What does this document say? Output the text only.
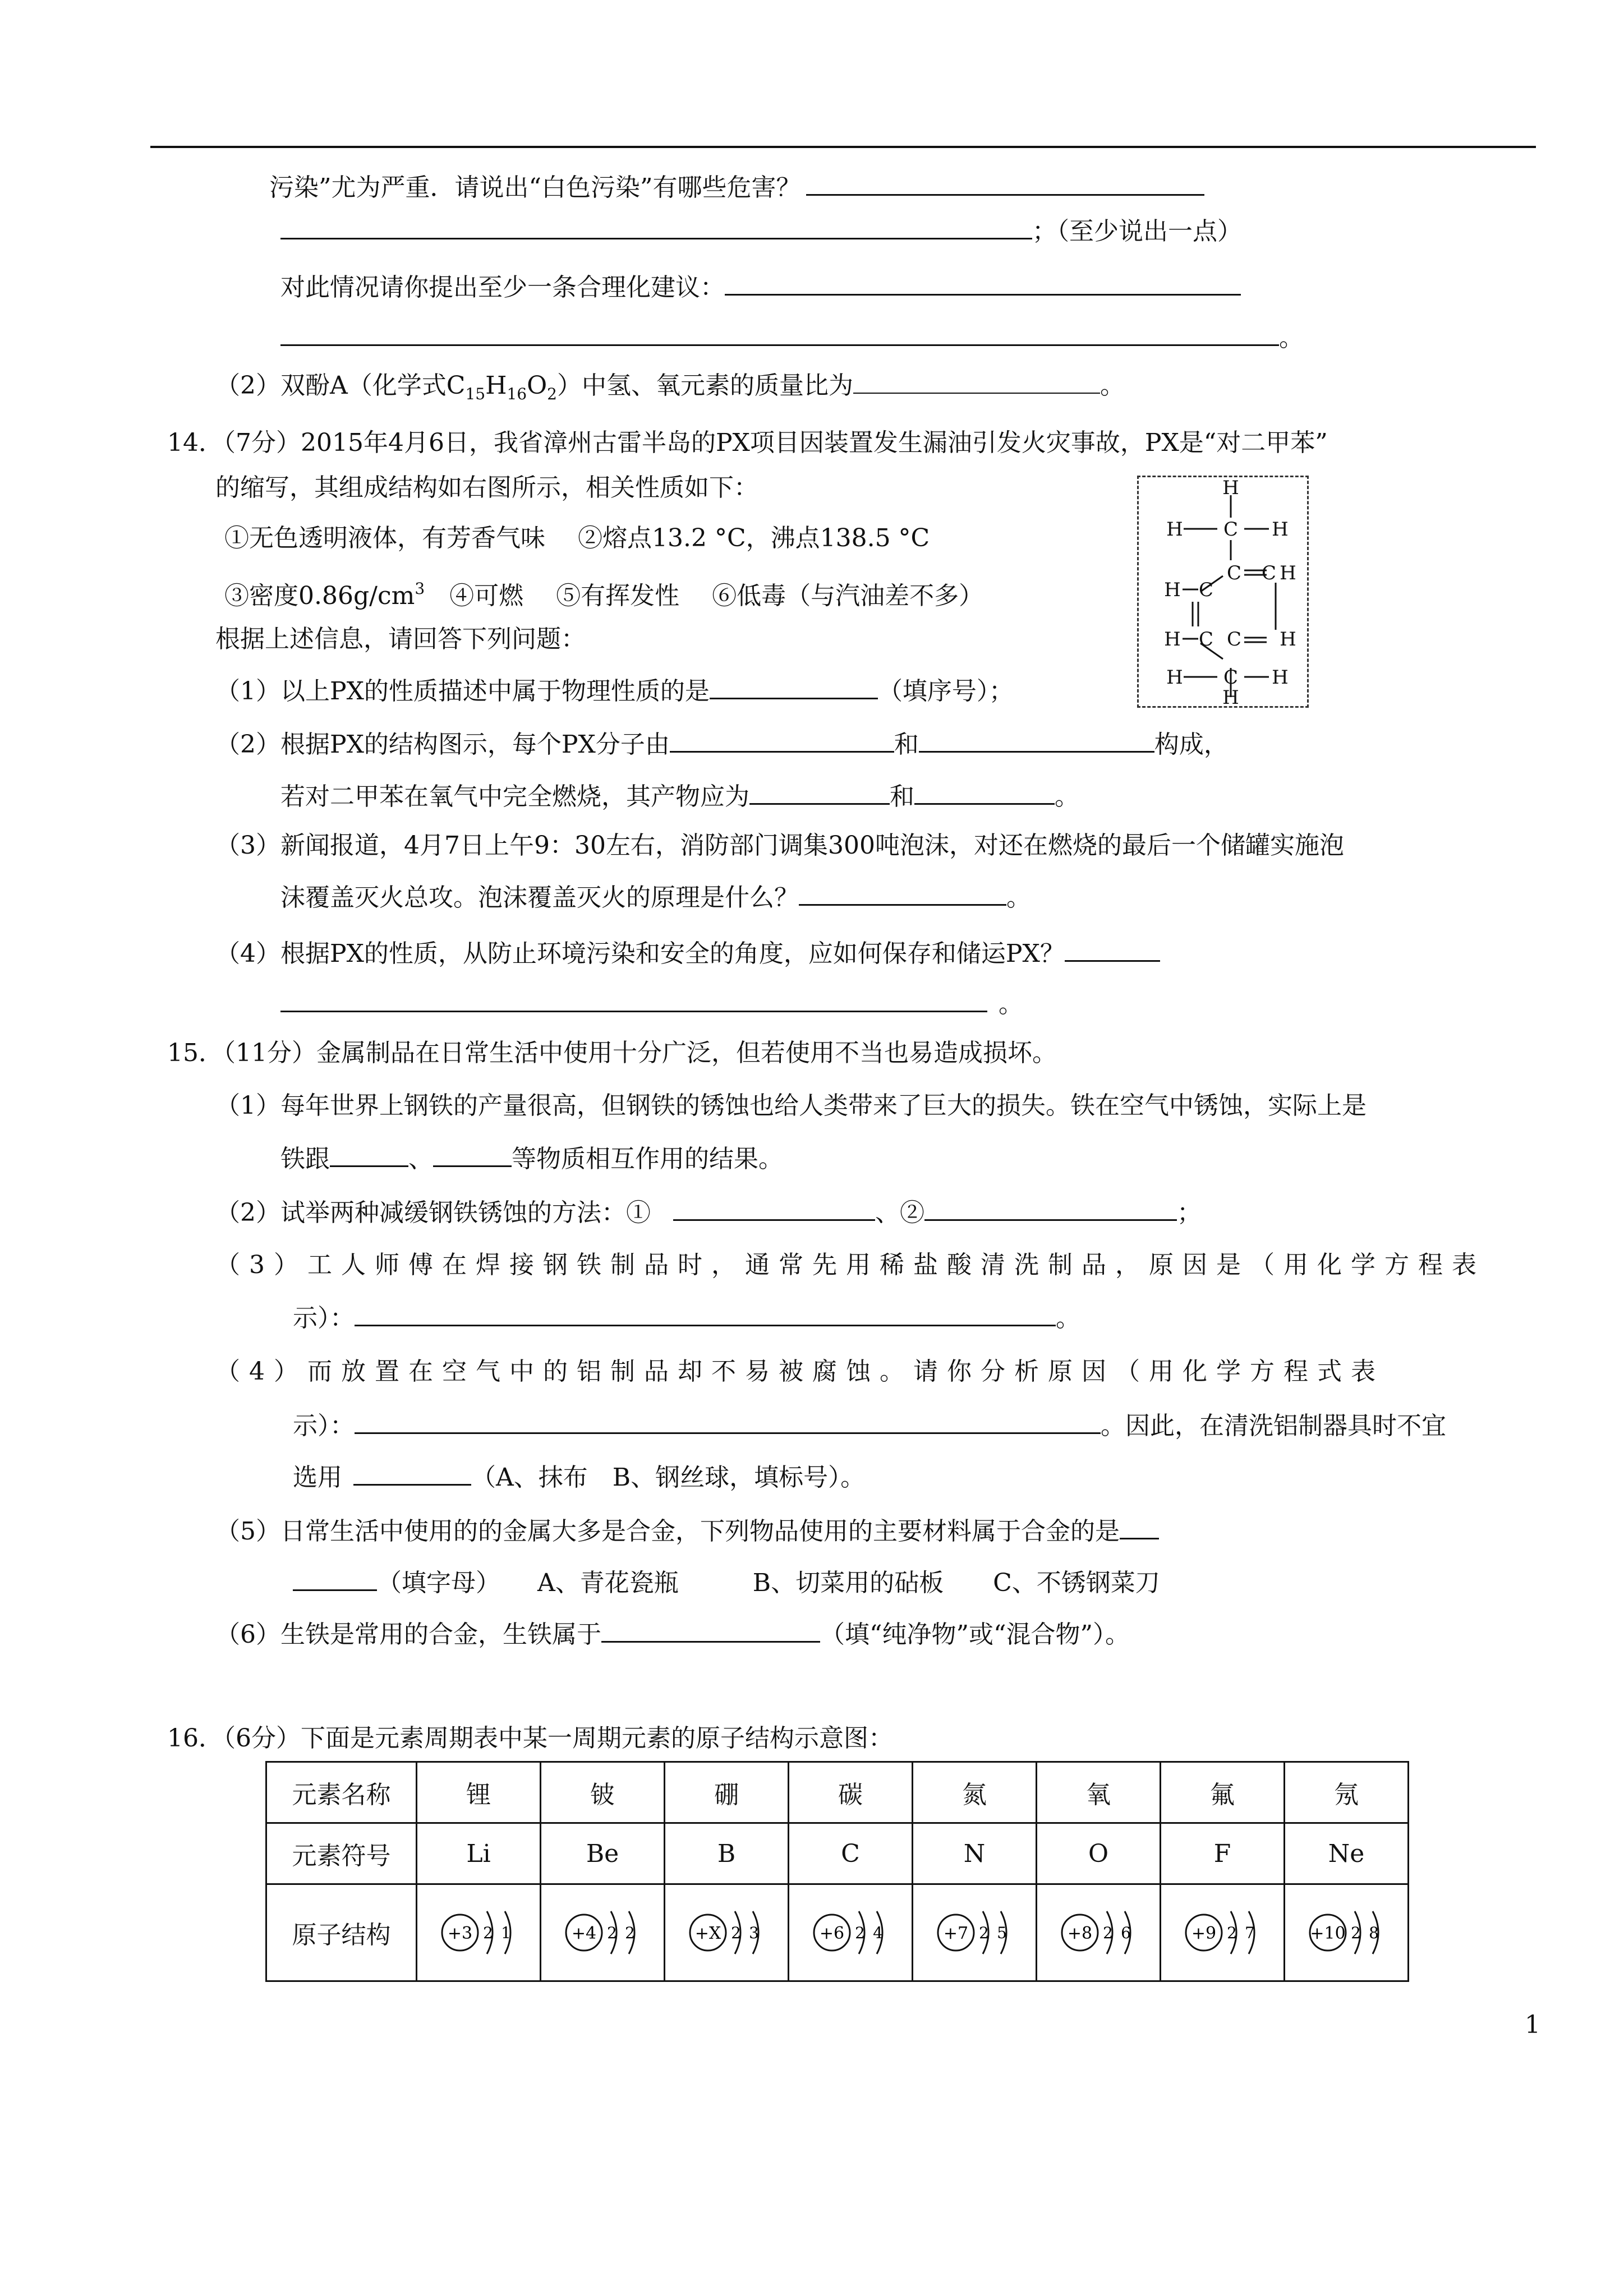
污染”尤为严重．请说出“白色污染”有哪些危害？
；（至少说出一点）
对此情况请你提出至少一条合理化建议：
。
（2）双酚A（化学式$C_{15}H_{16}O_2$）中氢、氧元素的质量比为	。
14．（7分）2015年4月6日，我省漳州古雷半岛的PX项目因装置发生漏油引发火灾事故，PX是“对二甲苯”
的缩写，其组成结构如右图所示，相关性质如下：
①无色透明液体，有芳香气味　 ②熔点13.2 °C，沸点138.5 °C
③密度$0.86g/cm^3$　④可燃　 ⑤有挥发性　 ⑥低毒（与汽油差不多）
根据上述信息，请回答下列问题：
（1）以上PX的性质描述中属于物理性质的是	（填序号）；
（2）根据PX的结构图示，每个PX分子由	和	构成，
若对二甲苯在氧气中完全燃烧，其产物应为	和	。
（3）新闻报道，4月7日上午9：30左右，消防部门调集300吨泡沫，对还在燃烧的最后一个储罐实施泡
沫覆盖灭火总攻。泡沫覆盖灭火的原理是什么？	。
（4）根据PX的性质，从防止环境污染和安全的角度，应如何保存和储运PX？
。
H
H C H
H C
C H
C
H C C H
H C H
H
15．（11分）金属制品在日常生活中使用十分广泛，但若使用不当也易造成损坏。
（1）每年世界上钢铁的产量很高，但钢铁的锈蚀也给人类带来了巨大的损失。铁在空气中锈蚀，实际上是
铁跟	、	等物质相互作用的结果。
（2）试举两种减缓钢铁锈蚀的方法：①	、②	；
（3）工人师傅在焊接钢铁制品时，通常先用稀盐酸清洗制品，原因是（用化学方程表
示）：	。
（4）而放置在空气中的铝制品却不易被腐蚀。请你分析原因（用化学方程式表
示）：	。因此，在清洗铝制器具时不宜
选用	（A、抹布　B、钢丝球，填标号）。
（5）日常生活中使用的的金属大多是合金，下列物品使用的主要材料属于合金的是
（填字母）　　A、青花瓷瓶　　　B、切菜用的砧板　　C、不锈钢菜刀
（6）生铁是常用的合金，生铁属于	（填“纯净物”或“混合物”）。
16．（6分）下面是元素周期表中某一周期元素的原子结构示意图：
元素名称	锂	铍	硼	碳	氮	氧	氟	氖
元素符号	Li	Be	B	C	N	O	F	Ne
原子结构	+3 2 1	+4 2 2	+X 2 3	+6 2 4	+7 2 5	+8 2 6	+9 2 7	+10 2 8
1
